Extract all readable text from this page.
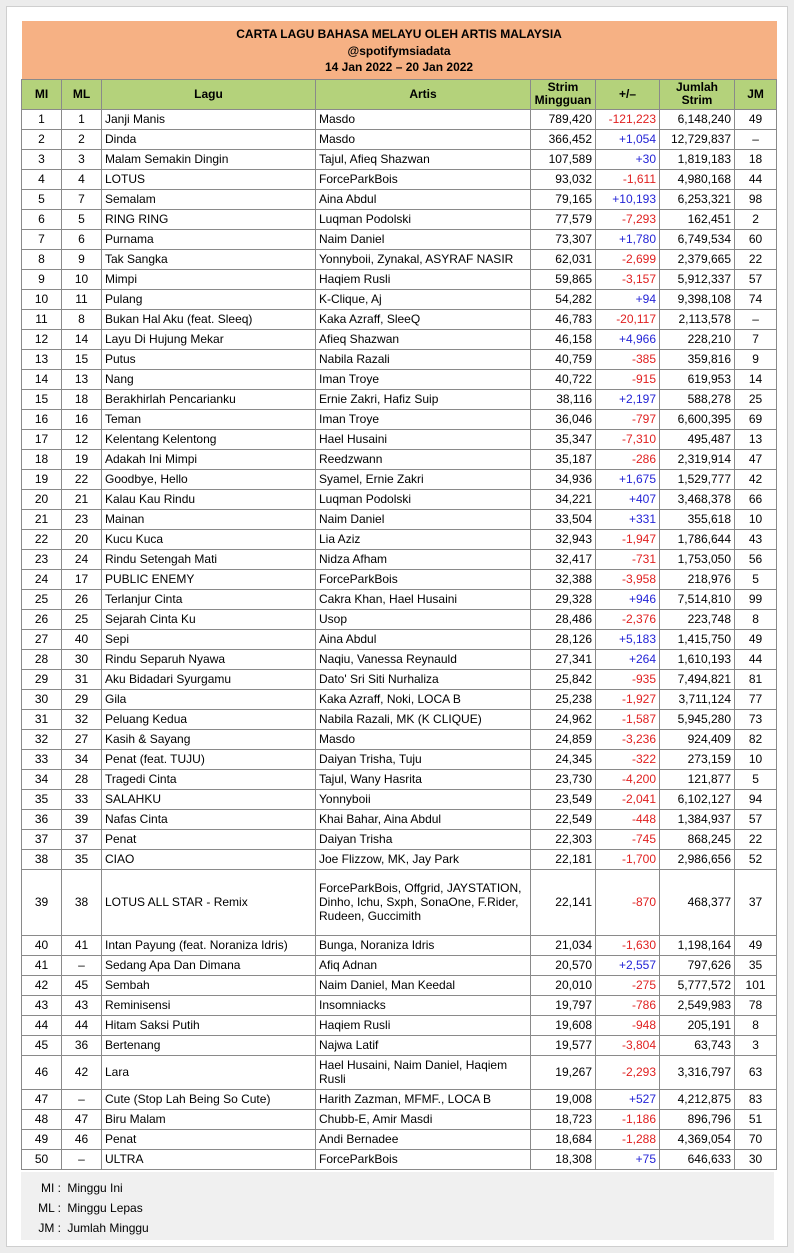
CARTA LAGU BAHASA MELAYU OLEH ARTIS MALAYSIA							
@spotifymsiadata							
14 Jan 2022 – 20 Jan 2022							
MI	ML	Lagu	Artis	Strim Mingguan	+/–	Jumlah Strim	JM
1	1	Janji Manis	Masdo	789,420	-121,223	6,148,240	49
2	2	Dinda	Masdo	366,452	+1,054	12,729,837	–
3	3	Malam Semakin Dingin	Tajul, Afieq Shazwan	107,589	+30	1,819,183	18
4	4	LOTUS	ForceParkBois	93,032	-1,611	4,980,168	44
5	7	Semalam	Aina Abdul	79,165	+10,193	6,253,321	98
6	5	RING RING	Luqman Podolski	77,579	-7,293	162,451	2
7	6	Purnama	Naim Daniel	73,307	+1,780	6,749,534	60
8	9	Tak Sangka	Yonnyboii, Zynakal, ASYRAF NASIR	62,031	-2,699	2,379,665	22
9	10	Mimpi	Haqiem Rusli	59,865	-3,157	5,912,337	57
10	11	Pulang	K-Clique, Aj	54,282	+94	9,398,108	74
11	8	Bukan Hal Aku (feat. Sleeq)	Kaka Azraff, SleeQ	46,783	-20,117	2,113,578	–
12	14	Layu Di Hujung Mekar	Afieq Shazwan	46,158	+4,966	228,210	7
13	15	Putus	Nabila Razali	40,759	-385	359,816	9
14	13	Nang	Iman Troye	40,722	-915	619,953	14
15	18	Berakhirlah Pencarianku	Ernie Zakri, Hafiz Suip	38,116	+2,197	588,278	25
16	16	Teman	Iman Troye	36,046	-797	6,600,395	69
17	12	Kelentang Kelentong	Hael Husaini	35,347	-7,310	495,487	13
18	19	Adakah Ini Mimpi	Reedzwann	35,187	-286	2,319,914	47
19	22	Goodbye, Hello	Syamel, Ernie Zakri	34,936	+1,675	1,529,777	42
20	21	Kalau Kau Rindu	Luqman Podolski	34,221	+407	3,468,378	66
21	23	Mainan	Naim Daniel	33,504	+331	355,618	10
22	20	Kucu Kuca	Lia Aziz	32,943	-1,947	1,786,644	43
23	24	Rindu Setengah Mati	Nidza Afham	32,417	-731	1,753,050	56
24	17	PUBLIC ENEMY	ForceParkBois	32,388	-3,958	218,976	5
25	26	Terlanjur Cinta	Cakra Khan, Hael Husaini	29,328	+946	7,514,810	99
26	25	Sejarah Cinta Ku	Usop	28,486	-2,376	223,748	8
27	40	Sepi	Aina Abdul	28,126	+5,183	1,415,750	49
28	30	Rindu Separuh Nyawa	Naqiu, Vanessa Reynauld	27,341	+264	1,610,193	44
29	31	Aku Bidadari Syurgamu	Dato' Sri Siti Nurhaliza	25,842	-935	7,494,821	81
30	29	Gila	Kaka Azraff, Noki, LOCA B	25,238	-1,927	3,711,124	77
31	32	Peluang Kedua	Nabila Razali, MK (K CLIQUE)	24,962	-1,587	5,945,280	73
32	27	Kasih & Sayang	Masdo	24,859	-3,236	924,409	82
33	34	Penat (feat. TUJU)	Daiyan Trisha, Tuju	24,345	-322	273,159	10
34	28	Tragedi Cinta	Tajul, Wany Hasrita	23,730	-4,200	121,877	5
35	33	SALAHKU	Yonnyboii	23,549	-2,041	6,102,127	94
36	39	Nafas Cinta	Khai Bahar, Aina Abdul	22,549	-448	1,384,937	57
37	37	Penat	Daiyan Trisha	22,303	-745	868,245	22
38	35	CIAO	Joe Flizzow, MK, Jay Park	22,181	-1,700	2,986,656	52
39	38	LOTUS ALL STAR - Remix	ForceParkBois, Offgrid, JAYSTATION, Dinho, Ichu, Sxph, SonaOne, F.Rider, Rudeen, Guccimith	22,141	-870	468,377	37
40	41	Intan Payung (feat. Noraniza Idris)	Bunga, Noraniza Idris	21,034	-1,630	1,198,164	49
41	–	Sedang Apa Dan Dimana	Afiq Adnan	20,570	+2,557	797,626	35
42	45	Sembah	Naim Daniel, Man Keedal	20,010	-275	5,777,572	101
43	43	Reminisensi	Insomniacks	19,797	-786	2,549,983	78
44	44	Hitam Saksi Putih	Haqiem Rusli	19,608	-948	205,191	8
45	36	Bertenang	Najwa Latif	19,577	-3,804	63,743	3
46	42	Lara	Hael Husaini, Naim Daniel, Haqiem Rusli	19,267	-2,293	3,316,797	63
47	–	Cute (Stop Lah Being So Cute)	Harith Zazman, MFMF., LOCA B	19,008	+527	4,212,875	83
48	47	Biru Malam	Chubb-E, Amir Masdi	18,723	-1,186	896,796	51
49	46	Penat	Andi Bernadee	18,684	-1,288	4,369,054	70
50	–	ULTRA	ForceParkBois	18,308	+75	646,633	30
MI : Minggu Ini
ML : Minggu Lepas
JM : Jumlah Minggu
